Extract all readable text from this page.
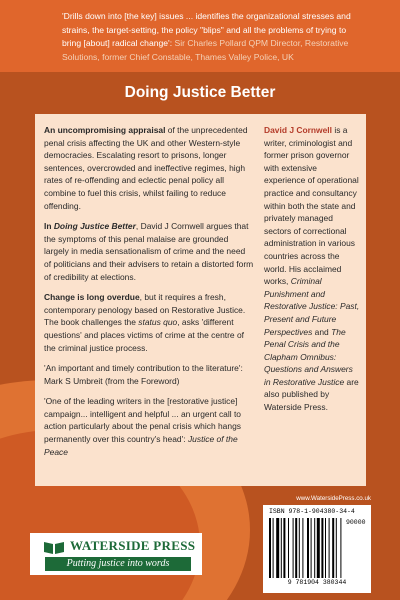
'Drills down into [the key] issues ... identifies the organizational stresses and strains, the target-setting, the policy "blips" and all the problems of trying to bring [about] radical change': Sir Charles Pollard QPM Director, Restorative Solutions, former Chief Constable, Thames Valley Police, UK
Doing Justice Better

An uncompromising appraisal of the unprecedented penal crisis affecting the UK and other Western-style democracies. Escalating resort to prisons, longer sentences, overcrowded and ineffective regimes, high rates of re-offending and eclectic penal policy all combine to fuel this crisis, whilst failing to reduce offending.

In Doing Justice Better, David J Cornwell argues that the symptoms of this penal malaise are grounded largely in media sensationalism of crime and the need of politicians and their advisers to retain a distorted form of credibility at elections.

Change is long overdue, but it requires a fresh, contemporary penology based on Restorative Justice. The book challenges the status quo, asks 'different questions' and places victims of crime at the centre of the criminal justice process.

'An important and timely contribution to the literature': Mark S Umbreit (from the Foreword)

'One of the leading writers in the [restorative justice] campaign... intelligent and helpful ... an urgent call to action particularly about the penal crisis which hangs permanently over this country's head': Justice of the Peace

David J Cornwell is a writer, criminologist and former prison governor with extensive experience of operational practice and consultancy within both the state and privately managed sectors of correctional administration in various countries across the world. His acclaimed works, Criminal Punishment and Restorative Justice: Past, Present and Future Perspectives and The Penal Crisis and the Clapham Omnibus: Questions and Answers in Restorative Justice are also published by Waterside Press.
www.WatersidePress.co.uk
ISBN 978-1-904380-34-4
90000
9 781904 380344
WATERSIDE PRESS
Putting justice into words
